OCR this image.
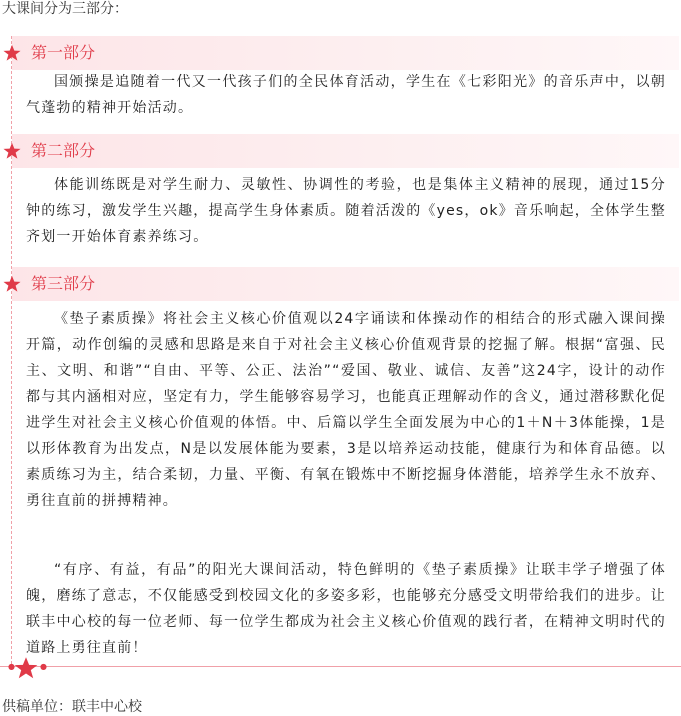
大课间分为三部分：
第一部分

国颁操是追随着一代又一代孩子们的全民体育活动，学生在《七彩阳光》的音乐声中，以朝气蓬勃的精神开始活动。

第二部分

体能训练既是对学生耐力、灵敏性、协调性的考验，也是集体主义精神的展现，通过15分钟的练习，激发学生兴趣，提高学生身体素质。随着活泼的《yes，ok》音乐响起，全体学生整齐划一开始体育素养练习。

第三部分

《垫子素质操》将社会主义核心价值观以24字诵读和体操动作的相结合的形式融入课间操开篇，动作创编的灵感和思路是来自于对社会主义核心价值观背景的挖掘了解。根据“富强、民主、文明、和谐”“自由、平等、公正、法治”“爱国、敬业、诚信、友善”这24字，设计的动作都与其内涵相对应，坚定有力，学生能够容易学习，也能真正理解动作的含义，通过潜移默化促进学生对社会主义核心价值观的体悟。中、后篇以学生全面发展为中心的1＋N＋3体能操，1是以形体教育为出发点，N是以发展体能为要素，3是以培养运动技能，健康行为和体育品德。以素质练习为主，结合柔韧，力量、平衡、有氧在锻炼中不断挖掘身体潜能，培养学生永不放弃、勇往直前的拼搏精神。

“有序、有益，有品”的阳光大课间活动，特色鲜明的《垫子素质操》让联丰学子增强了体魄，磨练了意志，不仅能感受到校园文化的多姿多彩，也能够充分感受文明带给我们的进步。让联丰中心校的每一位老师、每一位学生都成为社会主义核心价值观的践行者，在精神文明时代的道路上勇往直前！

●	●
供稿单位：联丰中心校
